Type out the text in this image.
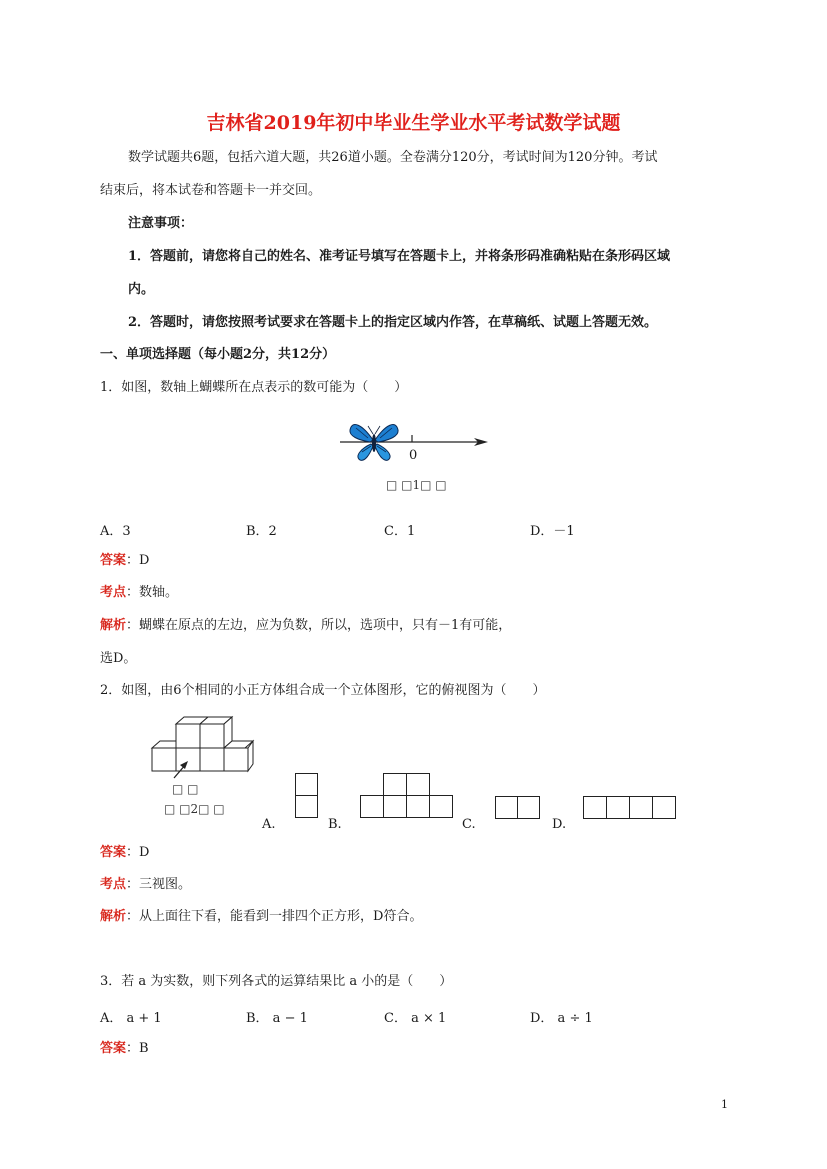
吉林省2019年初中毕业生学业水平考试数学试题
数学试题共6题，包括六道大题，共26道小题。全卷满分120分，考试时间为120分钟。考试
结束后，将本试卷和答题卡一并交回。
注意事项：
1．答题前，请您将自己的姓名、准考证号填写在答题卡上，并将条形码准确粘贴在条形码区域
内。
2．答题时，请您按照考试要求在答题卡上的指定区域内作答，在草稿纸、试题上答题无效。
一、单项选择题（每小题2分，共12分）
1．如图，数轴上蝴蝶所在点表示的数可能为（　　）
0
□ □1□ □
A．3	B．2	C．1	D．－1
答案：D
考点：数轴。
解析：蝴蝶在原点的左边，应为负数，所以，选项中，只有－1有可能，
选D。
2．如图，由6个相同的小正方体组合成一个立体图形，它的俯视图为（　　）
□ □
□ □2□ □
A.	B.	C.	D.
答案：D
考点：三视图。
解析：从上面往下看，能看到一排四个正方形，D符合。
3．若 a 为实数，则下列各式的运算结果比 a 小的是（　　）
A． a + 1	B． a − 1	C． a × 1	D． a ÷ 1
答案：B
1
